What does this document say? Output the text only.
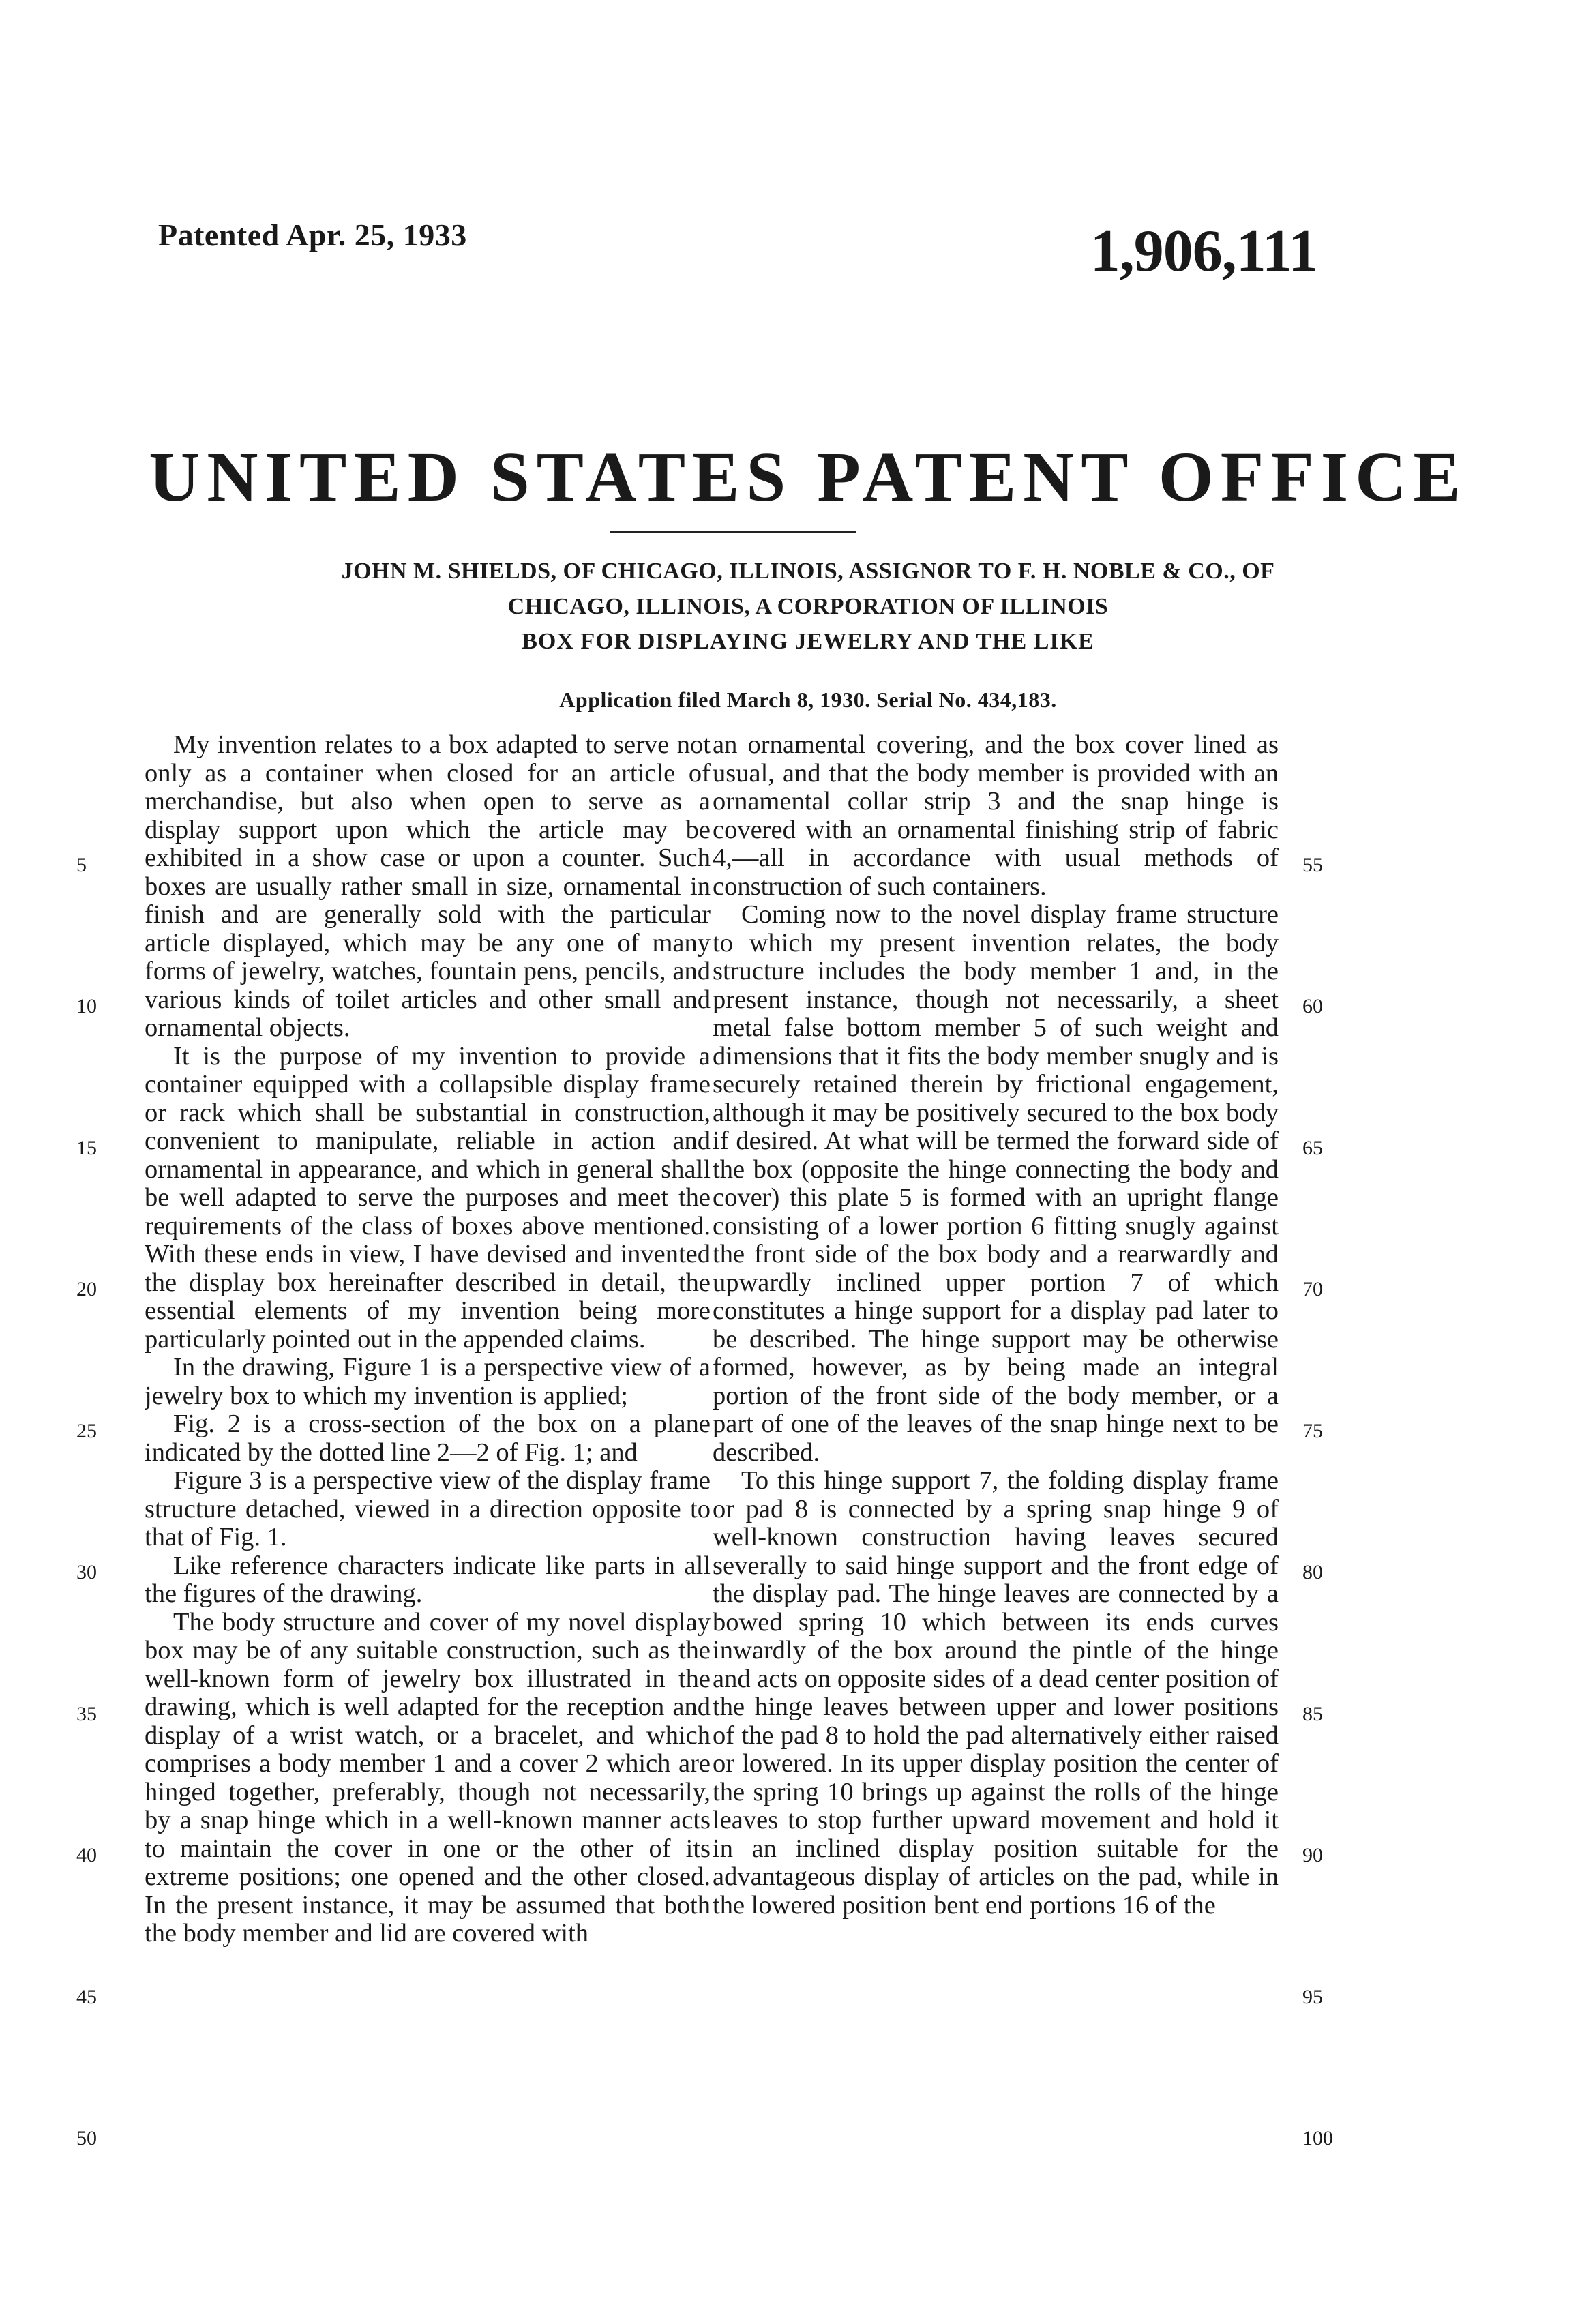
Patented Apr. 25, 1933	1,906,111
UNITED STATES PATENT OFFICE
JOHN M. SHIELDS, OF CHICAGO, ILLINOIS, ASSIGNOR TO F. H. NOBLE & CO., OF
CHICAGO, ILLINOIS, A CORPORATION OF ILLINOIS
BOX FOR DISPLAYING JEWELRY AND THE LIKE
Application filed March 8, 1930. Serial No. 434,183.
5
10
15
20
25
30
35
40
45
50

My invention relates to a box adapted to serve not only as a container when closed for an article of merchandise, but also when open to serve as a display support upon which the article may be exhibited in a show case or upon a counter. Such boxes are usually rather small in size, ornamental in finish and are generally sold with the particular article displayed, which may be any one of many forms of jewelry, watches, fountain pens, pencils, and various kinds of toilet articles and other small and ornamental objects.

It is the purpose of my invention to provide a container equipped with a collapsible display frame or rack which shall be substantial in construction, convenient to manipulate, reliable in action and ornamental in appearance, and which in general shall be well adapted to serve the purposes and meet the requirements of the class of boxes above mentioned. With these ends in view, I have devised and invented the display box hereinafter described in detail, the essential elements of my invention being more particularly pointed out in the appended claims.

In the drawing, Figure 1 is a perspective view of a jewelry box to which my invention is applied;

Fig. 2 is a cross-section of the box on a plane indicated by the dotted line 2—2 of Fig. 1; and

Figure 3 is a perspective view of the display frame structure detached, viewed in a direction opposite to that of Fig. 1.

Like reference characters indicate like parts in all the figures of the drawing.

The body structure and cover of my novel display box may be of any suitable construction, such as the well-known form of jewelry box illustrated in the drawing, which is well adapted for the reception and display of a wrist watch, or a bracelet, and which comprises a body member 1 and a cover 2 which are hinged together, preferably, though not necessarily, by a snap hinge which in a well-known manner acts to maintain the cover in one or the other of its extreme positions; one opened and the other closed. In the present instance, it may be assumed that both the body member and lid are covered with

an ornamental covering, and the box cover lined as usual, and that the body member is provided with an ornamental collar strip 3 and the snap hinge is covered with an ornamental finishing strip of fabric 4,—all in accordance with usual methods of construction of such containers.

Coming now to the novel display frame structure to which my present invention relates, the body structure includes the body member 1 and, in the present instance, though not necessarily, a sheet metal false bottom member 5 of such weight and dimensions that it fits the body member snugly and is securely retained therein by frictional engagement, although it may be positively secured to the box body if desired. At what will be termed the forward side of the box (opposite the hinge connecting the body and cover) this plate 5 is formed with an upright flange consisting of a lower portion 6 fitting snugly against the front side of the box body and a rearwardly and upwardly inclined upper portion 7 of which constitutes a hinge support for a display pad later to be described. The hinge support may be otherwise formed, however, as by being made an integral portion of the front side of the body member, or a part of one of the leaves of the snap hinge next to be described.

To this hinge support 7, the folding display frame or pad 8 is connected by a spring snap hinge 9 of well-known construction having leaves secured severally to said hinge support and the front edge of the display pad. The hinge leaves are connected by a bowed spring 10 which between its ends curves inwardly of the box around the pintle of the hinge and acts on opposite sides of a dead center position of the hinge leaves between upper and lower positions of the pad 8 to hold the pad alternatively either raised or lowered. In its upper display position the center of the spring 10 brings up against the rolls of the hinge leaves to stop further upward movement and hold it in an inclined display position suitable for the advantageous display of articles on the pad, while in the lowered position bent end portions 16 of the

55
60
65
70
75
80
85
90
95
100
